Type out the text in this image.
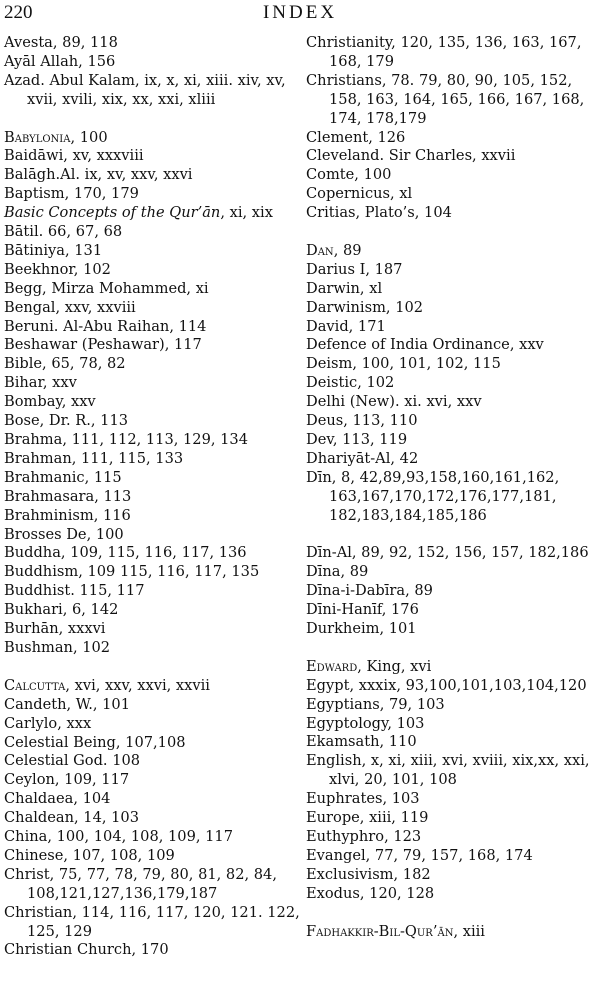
220	INDEX
Avesta, 89, 118
Ayāl Allah, 156
Azad. Abul Kalam, ix, x, xi, xiii. xiv, xv, xvii, xvili, xix, xx, xxi, xliii
Babylonia, 100
Baidāwi, xv, xxxviii
Balāgh.Al. ix, xv, xxv, xxvi
Baptism, 170, 179
Basic Concepts of the Qur’ān, xi, xix
Bātil. 66, 67, 68
Bātiniya, 131
Beekhnor, 102
Begg, Mirza Mohammed, xi
Bengal, xxv, xxviii
Beruni. Al-Abu Raihan, 114
Beshawar (Peshawar), 117
Bible, 65, 78, 82
Bihar, xxv
Bombay, xxv
Bose, Dr. R., 113
Brahma, 111, 112, 113, 129, 134
Brahman, 111, 115, 133
Brahmanic, 115
Brahmasara, 113
Brahminism, 116
Brosses De, 100
Buddha, 109, 115, 116, 117, 136
Buddhism, 109 115, 116, 117, 135
Buddhist. 115, 117
Bukhari, 6, 142
Burhān, xxxvi
Bushman, 102
Calcutta, xvi, xxv, xxvi, xxvii
Candeth, W., 101
Carlylo, xxx
Celestial Being, 107,108
Celestial God. 108
Ceylon, 109, 117
Chaldaea, 104
Chaldean, 14, 103
China, 100, 104, 108, 109, 117
Chinese, 107, 108, 109
Christ, 75, 77, 78, 79, 80, 81, 82, 84, 108,121,127,136,179,187
Christian, 114, 116, 117, 120, 121. 122, 125, 129
Christian Church, 170
Christianity, 120, 135, 136, 163, 167, 168, 179
Christians, 78. 79, 80, 90, 105, 152, 158, 163, 164, 165, 166, 167, 168, 174, 178,179
Clement, 126
Cleveland. Sir Charles, xxvii
Comte, 100
Copernicus, xl
Critias, Plato’s, 104
Dan, 89
Darius I, 187
Darwin, xl
Darwinism, 102
David, 171
Defence of India Ordinance, xxv
Deism, 100, 101, 102, 115
Deistic, 102
Delhi (New). xi. xvi, xxv
Deus, 113, 110
Dev, 113, 119
Dhariyāt-Al, 42
Dīn, 8, 42,89,93,158,160,161,162, 163,167,170,172,176,177,181, 182,183,184,185,186
Dīn-Al, 89, 92, 152, 156, 157, 182,186
Dīna, 89
Dīna-i-Dabīra, 89
Dīni-Hanīf, 176
Durkheim, 101
Edward, King, xvi
Egypt, xxxix, 93,100,101,103,104,120
Egyptians, 79, 103
Egyptology, 103
Ekamsath, 110
English, x, xi, xiii, xvi, xviii, xix,xx, xxi, xlvi, 20, 101, 108
Euphrates, 103
Europe, xiii, 119
Euthyphro, 123
Evangel, 77, 79, 157, 168, 174
Exclusivism, 182
Exodus, 120, 128
Fadhakkir-Bil-Qur’ān, xiii
